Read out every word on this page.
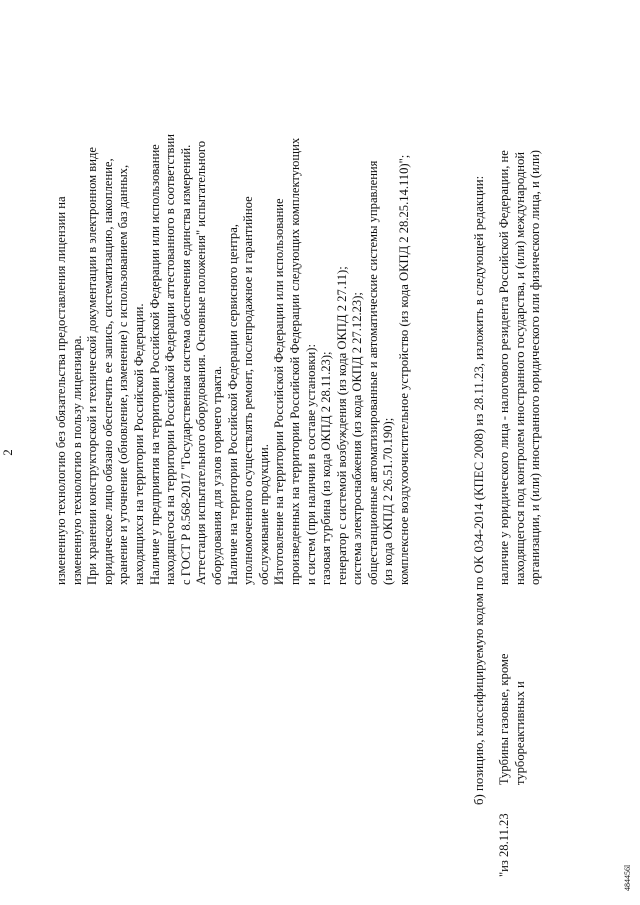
2
484456l

измененную технологию без обязательства предоставления лицензии на измененную технологию в пользу лицензиара. При хранении конструкторской и технической документации в электронном виде юридическое лицо обязано обеспечить ее запись, систематизацию, накопление, хранение и уточнение (обновление, изменение) с использованием баз данных, находящихся на территории Российской Федерации. Наличие у предприятия на территории Российской Федерации или использование находящегося на территории Российской Федерации аттестованного в соответствии с ГОСТ Р 8.568-2017 "Государственная система обеспечения единства измерений. Аттестация испытательного оборудования. Основные положения" испытательного оборудования для узлов горячего тракта. Наличие на территории Российской Федерации сервисного центра, уполномоченного осуществлять ремонт, послепродажное и гарантийное обслуживание продукции. Изготовление на территории Российской Федерации или использование произведенных на территории Российской Федерации следующих комплектующих и систем (при наличии в составе установки): газовая турбина (из кода ОКПД 2 28.11.23); генератор с системой возбуждения (из кода ОКПД 2 27.11); система электроснабжения (из кода ОКПД 2 27.12.23); общестанционные автоматизированные и автоматические системы управления (из кода ОКПД 2 26.51.70.190); комплексное воздухоочистительное устройство (из кода ОКПД 2 28.25.14.110)";	б) позицию, классифицируемую кодом по ОК 034-2014 (КПЕС 2008) из 28.11.23, изложить в следующей редакции:
"из 28.11.23
Турбины газовые, кроме турбореактивных и
наличие у юридического лица - налогового резидента Российской Федерации, не находящегося под контролем иностранного государства, и (или) международной организации, и (или) иностранного юридического или физического лица, и (или)
